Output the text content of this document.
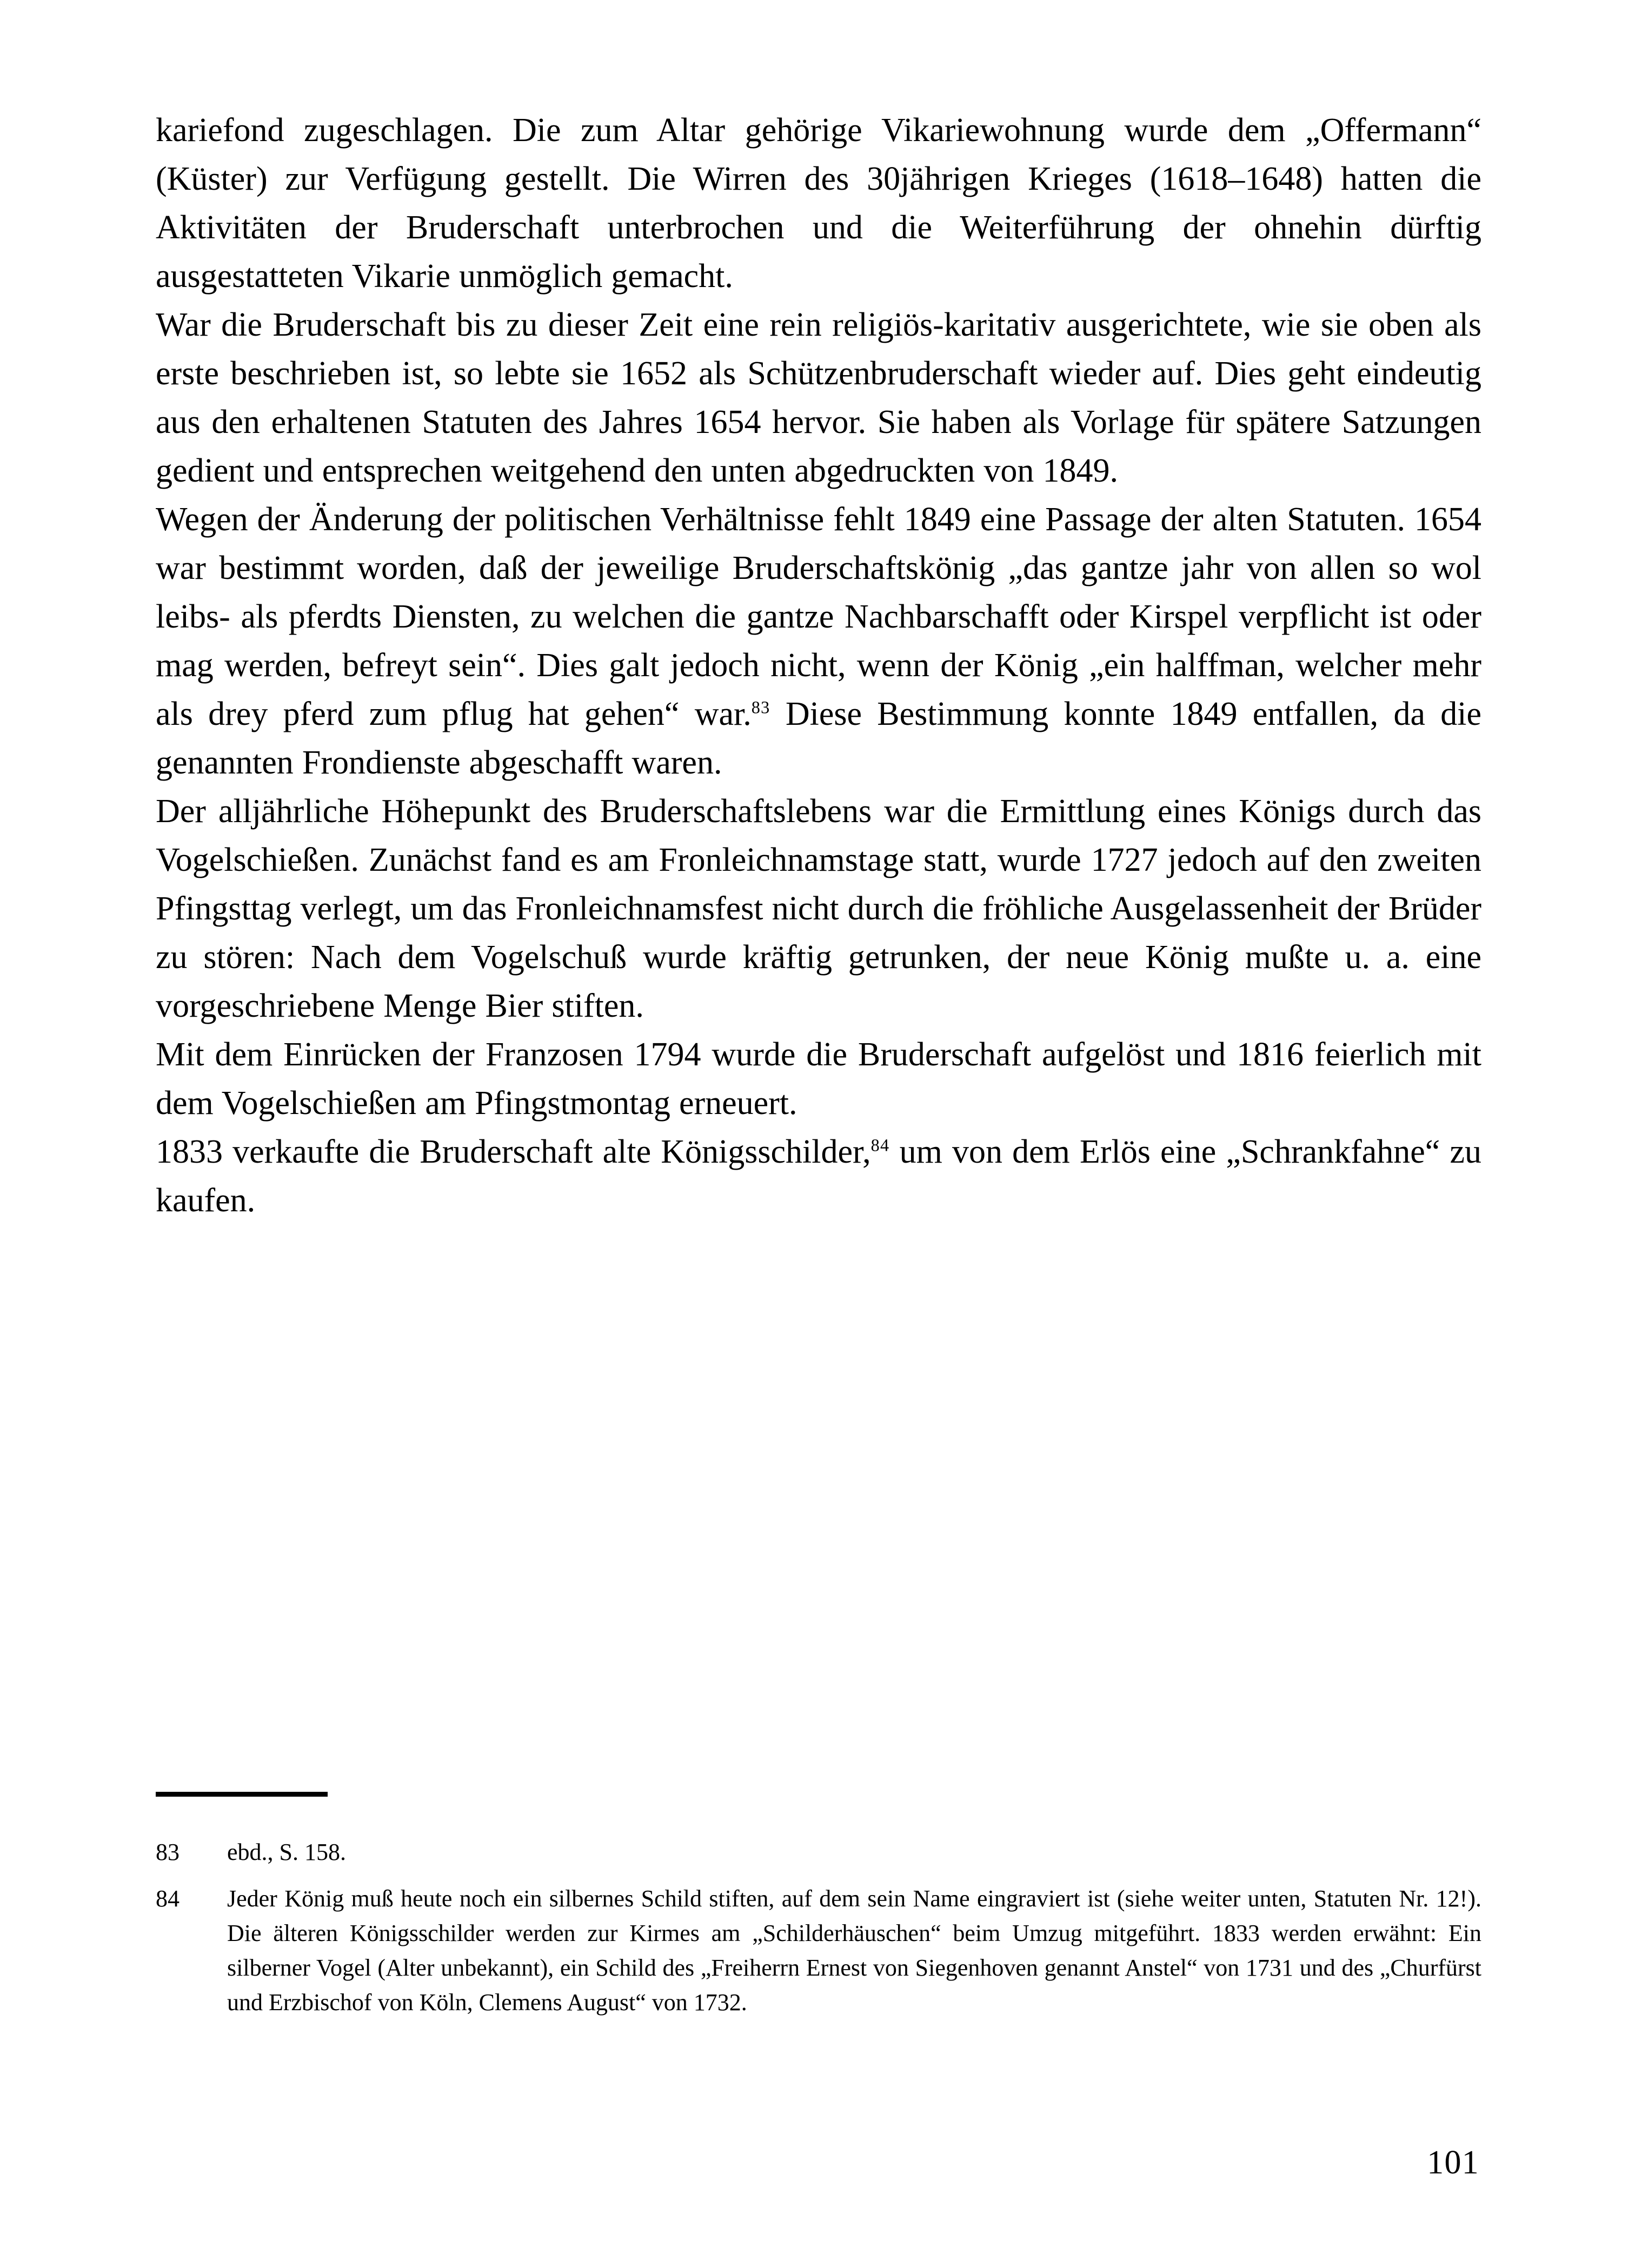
kariefond zugeschlagen. Die zum Altar gehörige Vikariewohnung wurde dem „Offermann“ (Küster) zur Verfügung gestellt. Die Wirren des 30jährigen Krieges (1618–1648) hatten die Aktivitäten der Bruderschaft unterbrochen und die Weiterführung der ohnehin dürftig ausgestatteten Vikarie unmöglich gemacht.

War die Bruderschaft bis zu dieser Zeit eine rein religiös-karitativ ausgerichtete, wie sie oben als erste beschrieben ist, so lebte sie 1652 als Schützenbruderschaft wieder auf. Dies geht eindeutig aus den erhaltenen Statuten des Jahres 1654 hervor. Sie haben als Vorlage für spätere Satzungen gedient und entsprechen weitgehend den unten abgedruckten von 1849.

Wegen der Änderung der politischen Verhältnisse fehlt 1849 eine Passage der alten Statuten. 1654 war bestimmt worden, daß der jeweilige Bruderschaftskönig „das gantze jahr von allen so wol leibs- als pferdts Diensten, zu welchen die gantze Nachbarschafft oder Kirspel verpflicht ist oder mag werden, befreyt sein“. Dies galt jedoch nicht, wenn der König „ein halffman, welcher mehr als drey pferd zum pflug hat gehen“ war.$^{83}$ Diese Bestimmung konnte 1849 entfallen, da die genannten Frondienste abgeschafft waren.

Der alljährliche Höhepunkt des Bruderschaftslebens war die Ermittlung eines Königs durch das Vogelschießen. Zunächst fand es am Fronleichnamstage statt, wurde 1727 jedoch auf den zweiten Pfingsttag verlegt, um das Fronleichnamsfest nicht durch die fröhliche Ausgelassenheit der Brüder zu stören: Nach dem Vogelschuß wurde kräftig getrunken, der neue König mußte u. a. eine vorgeschriebene Menge Bier stiften.

Mit dem Einrücken der Franzosen 1794 wurde die Bruderschaft aufgelöst und 1816 feierlich mit dem Vogelschießen am Pfingstmontag erneuert.

1833 verkaufte die Bruderschaft alte Königsschilder,$^{84}$ um von dem Erlös eine „Schrankfahne“ zu kaufen.

83	ebd., S. 158.

84	Jeder König muß heute noch ein silbernes Schild stiften, auf dem sein Name eingraviert ist (siehe weiter unten, Statuten Nr. 12!). Die älteren Königsschilder werden zur Kirmes am „Schilderhäuschen“ beim Umzug mitgeführt. 1833 werden erwähnt: Ein silberner Vogel (Alter unbekannt), ein Schild des „Freiherrn Ernest von Siegenhoven genannt Anstel“ von 1731 und des „Churfürst und Erzbischof von Köln, Clemens August“ von 1732.

101
